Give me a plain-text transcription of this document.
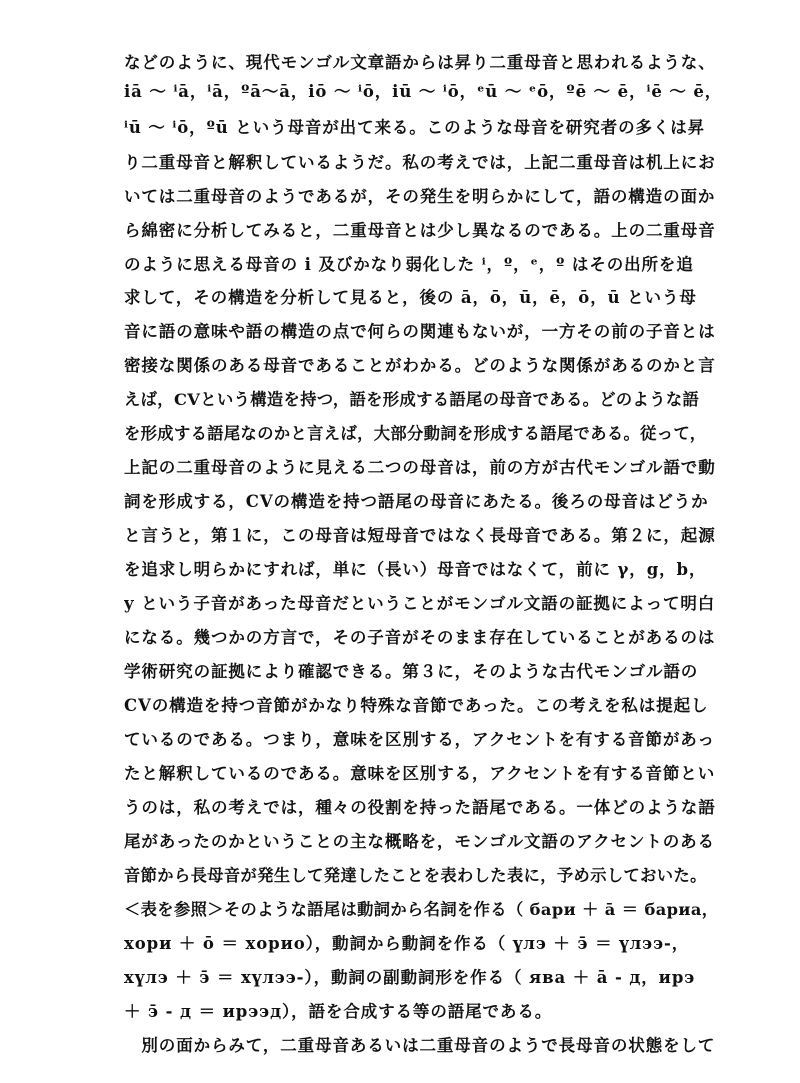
などのように、現代モンゴル文章語からは昇り二重母音と思われるような、
iā ～ ⁱā，ⁱā，ºā～ā，iō ～ ⁱō，iū ～ ⁱō，ᵉū ～ ᵉō，ºē ～ ē，ⁱē ～ ē，
ⁱū ～ ⁱō，ºū という母音が出て来る。このような母音を研究者の多くは昇
り二重母音と解釈しているようだ。私の考えでは，上記二重母音は机上にお
いては二重母音のようであるが，その発生を明らかにして，語の構造の面か
ら綿密に分析してみると，二重母音とは少し異なるのである。上の二重母音
のように思える母音の i 及びかなり弱化した ⁱ，º，ᵉ，º はその出所を追
求して，その構造を分析して見ると，後の ā，ō，ū，ē，ō，ū という母
音に語の意味や語の構造の点で何らの関連もないが，一方その前の子音とは
密接な関係のある母音であることがわかる。どのような関係があるのかと言
えば，CVという構造を持つ，語を形成する語尾の母音である。どのような語
を形成する語尾なのかと言えば，大部分動詞を形成する語尾である。従って，
上記の二重母音のように見える二つの母音は，前の方が古代モンゴル語で動
詞を形成する，CVの構造を持つ語尾の母音にあたる。後ろの母音はどうか
と言うと，第１に，この母音は短母音ではなく長母音である。第２に，起源
を追求し明らかにすれば，単に（長い）母音ではなくて，前に γ，g，b，
y という子音があった母音だということがモンゴル文語の証拠によって明白
になる。幾つかの方言で，その子音がそのまま存在していることがあるのは
学術研究の証拠により確認できる。第３に，そのような古代モンゴル語の
CVの構造を持つ音節がかなり特殊な音節であった。この考えを私は提起し
ているのである。つまり，意味を区別する，アクセントを有する音節があっ
たと解釈しているのである。意味を区別する，アクセントを有する音節とい
うのは，私の考えでは，種々の役割を持った語尾である。一体どのような語
尾があったのかということの主な概略を，モンゴル文語のアクセントのある
音節から長母音が発生して発達したことを表わした表に，予め示しておいた。
＜表を参照＞そのような語尾は動詞から名詞を作る（ бари ＋ ā ＝ бариа，
хори ＋ ō ＝ хорио），動詞から動詞を作る（ үлэ ＋ э̄ ＝ үлээ-，
хүлэ ＋ э̄ ＝ хүлээ-），動詞の副動詞形を作る（ ява ＋ ā - д，ирэ
＋ э̄ - д ＝ ирээд），語を合成する等の語尾である。
　別の面からみて，二重母音あるいは二重母音のようで長母音の状態をして
